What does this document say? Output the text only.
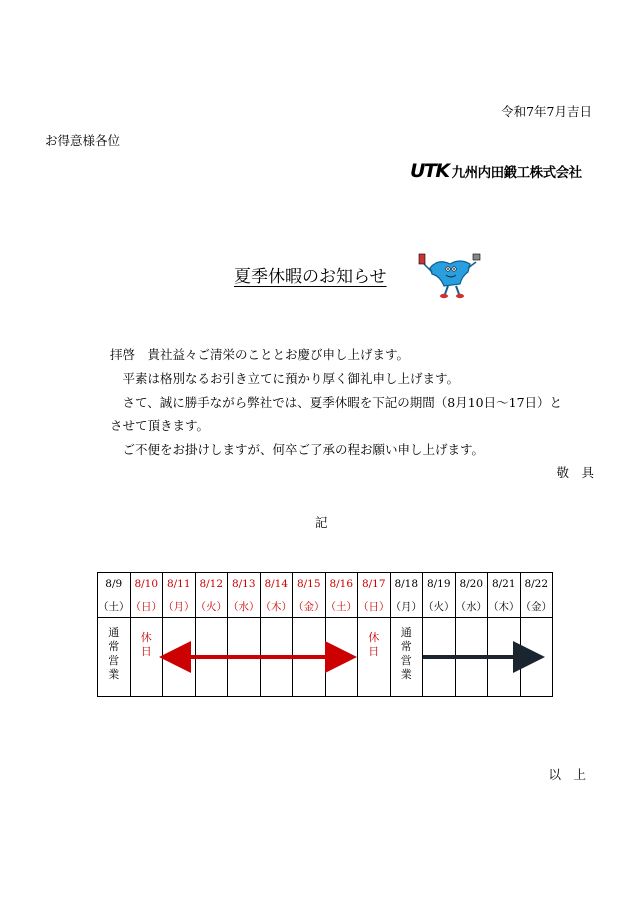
令和7年7月吉日
お得意様各位
UTK 九州内田鍛工株式会社
夏季休暇のお知らせ
拝啓　貴社益々ご清栄のこととお慶び申し上げます。
　平素は格別なるお引き立てに預かり厚く御礼申し上げます。
　さて、誠に勝手ながら弊社では、夏季休暇を下記の期間（8月10日～17日）と
させて頂きます。
　ご不便をお掛けしますが、何卒ご了承の程お願い申し上げます。
敬　具
記
8/9	8/10	8/11	8/12	8/13	8/14	8/15	8/16	8/17	8/18	8/19	8/20	8/21	8/22
（土）	（日）	（月）	（火）	（水）	（木）	（金）	（土）	（日）	（月）	（火）	（水）	（木）	（金）
通常営業	休日							休日	通常営業				
以　上
